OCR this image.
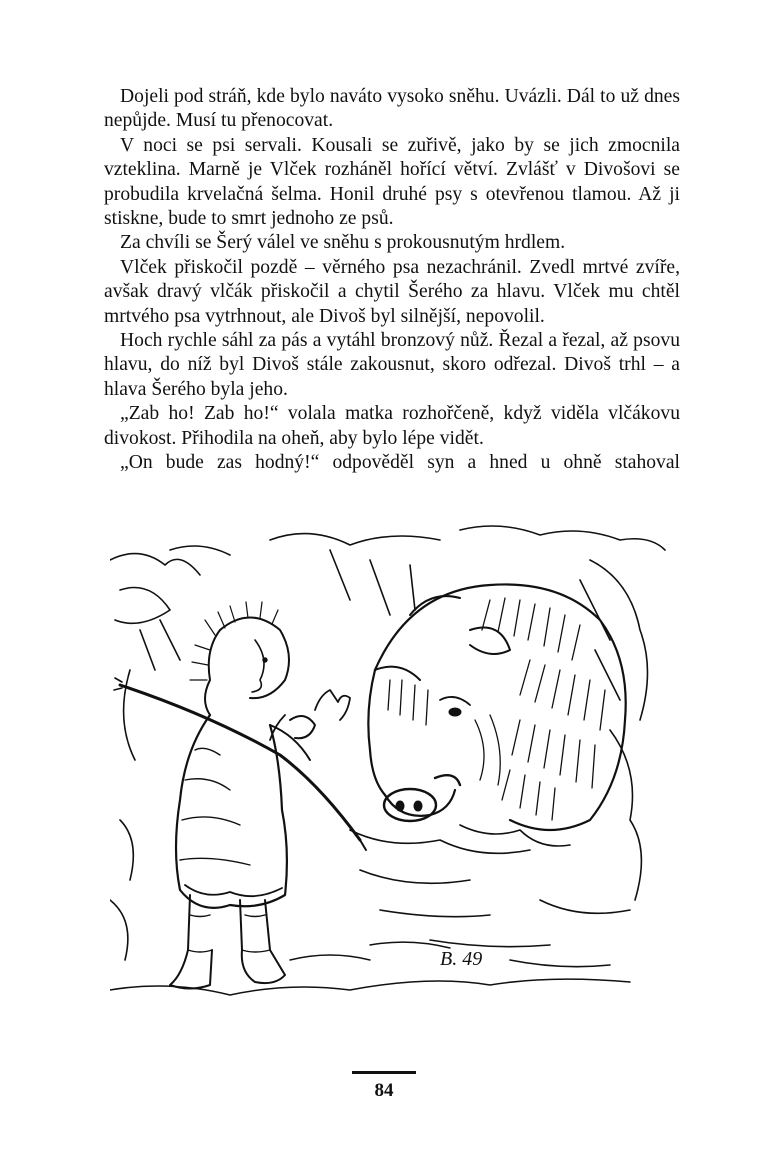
Dojeli pod stráň, kde bylo naváto vysoko sněhu. Uvázli. Dál to už dnes nepůjde. Musí tu přenocovat.

V noci se psi servali. Kousali se zuřivě, jako by se jich zmocnila vzteklina. Marně je Vlček rozháněl hořící větví. Zvlášť v Divošovi se probudila krvelačná šelma. Honil druhé psy s otevřenou tlamou. Až ji stiskne, bude to smrt jednoho ze psů.

Za chvíli se Šerý válel ve sněhu s prokousnutým hrdlem.

Vlček přiskočil pozdě – věrného psa nezachránil. Zvedl mrtvé zvíře, avšak dravý vlčák přiskočil a chytil Šerého za hlavu. Vlček mu chtěl mrtvého psa vytrhnout, ale Divoš byl silnější, nepovolil.

Hoch rychle sáhl za pás a vytáhl bronzový nůž. Řezal a řezal, až psovu hlavu, do níž byl Divoš stále zakousnut, skoro odřezal. Divoš trhl – a hlava Šerého byla jeho.

„Zab ho! Zab ho!“ volala matka rozhořčeně, když viděla vlčákovu divokost. Přihodila na oheň, aby bylo lépe vidět.

„On bude zas hodný!“ odpověděl syn a hned u ohně stahoval

B. 49
84
